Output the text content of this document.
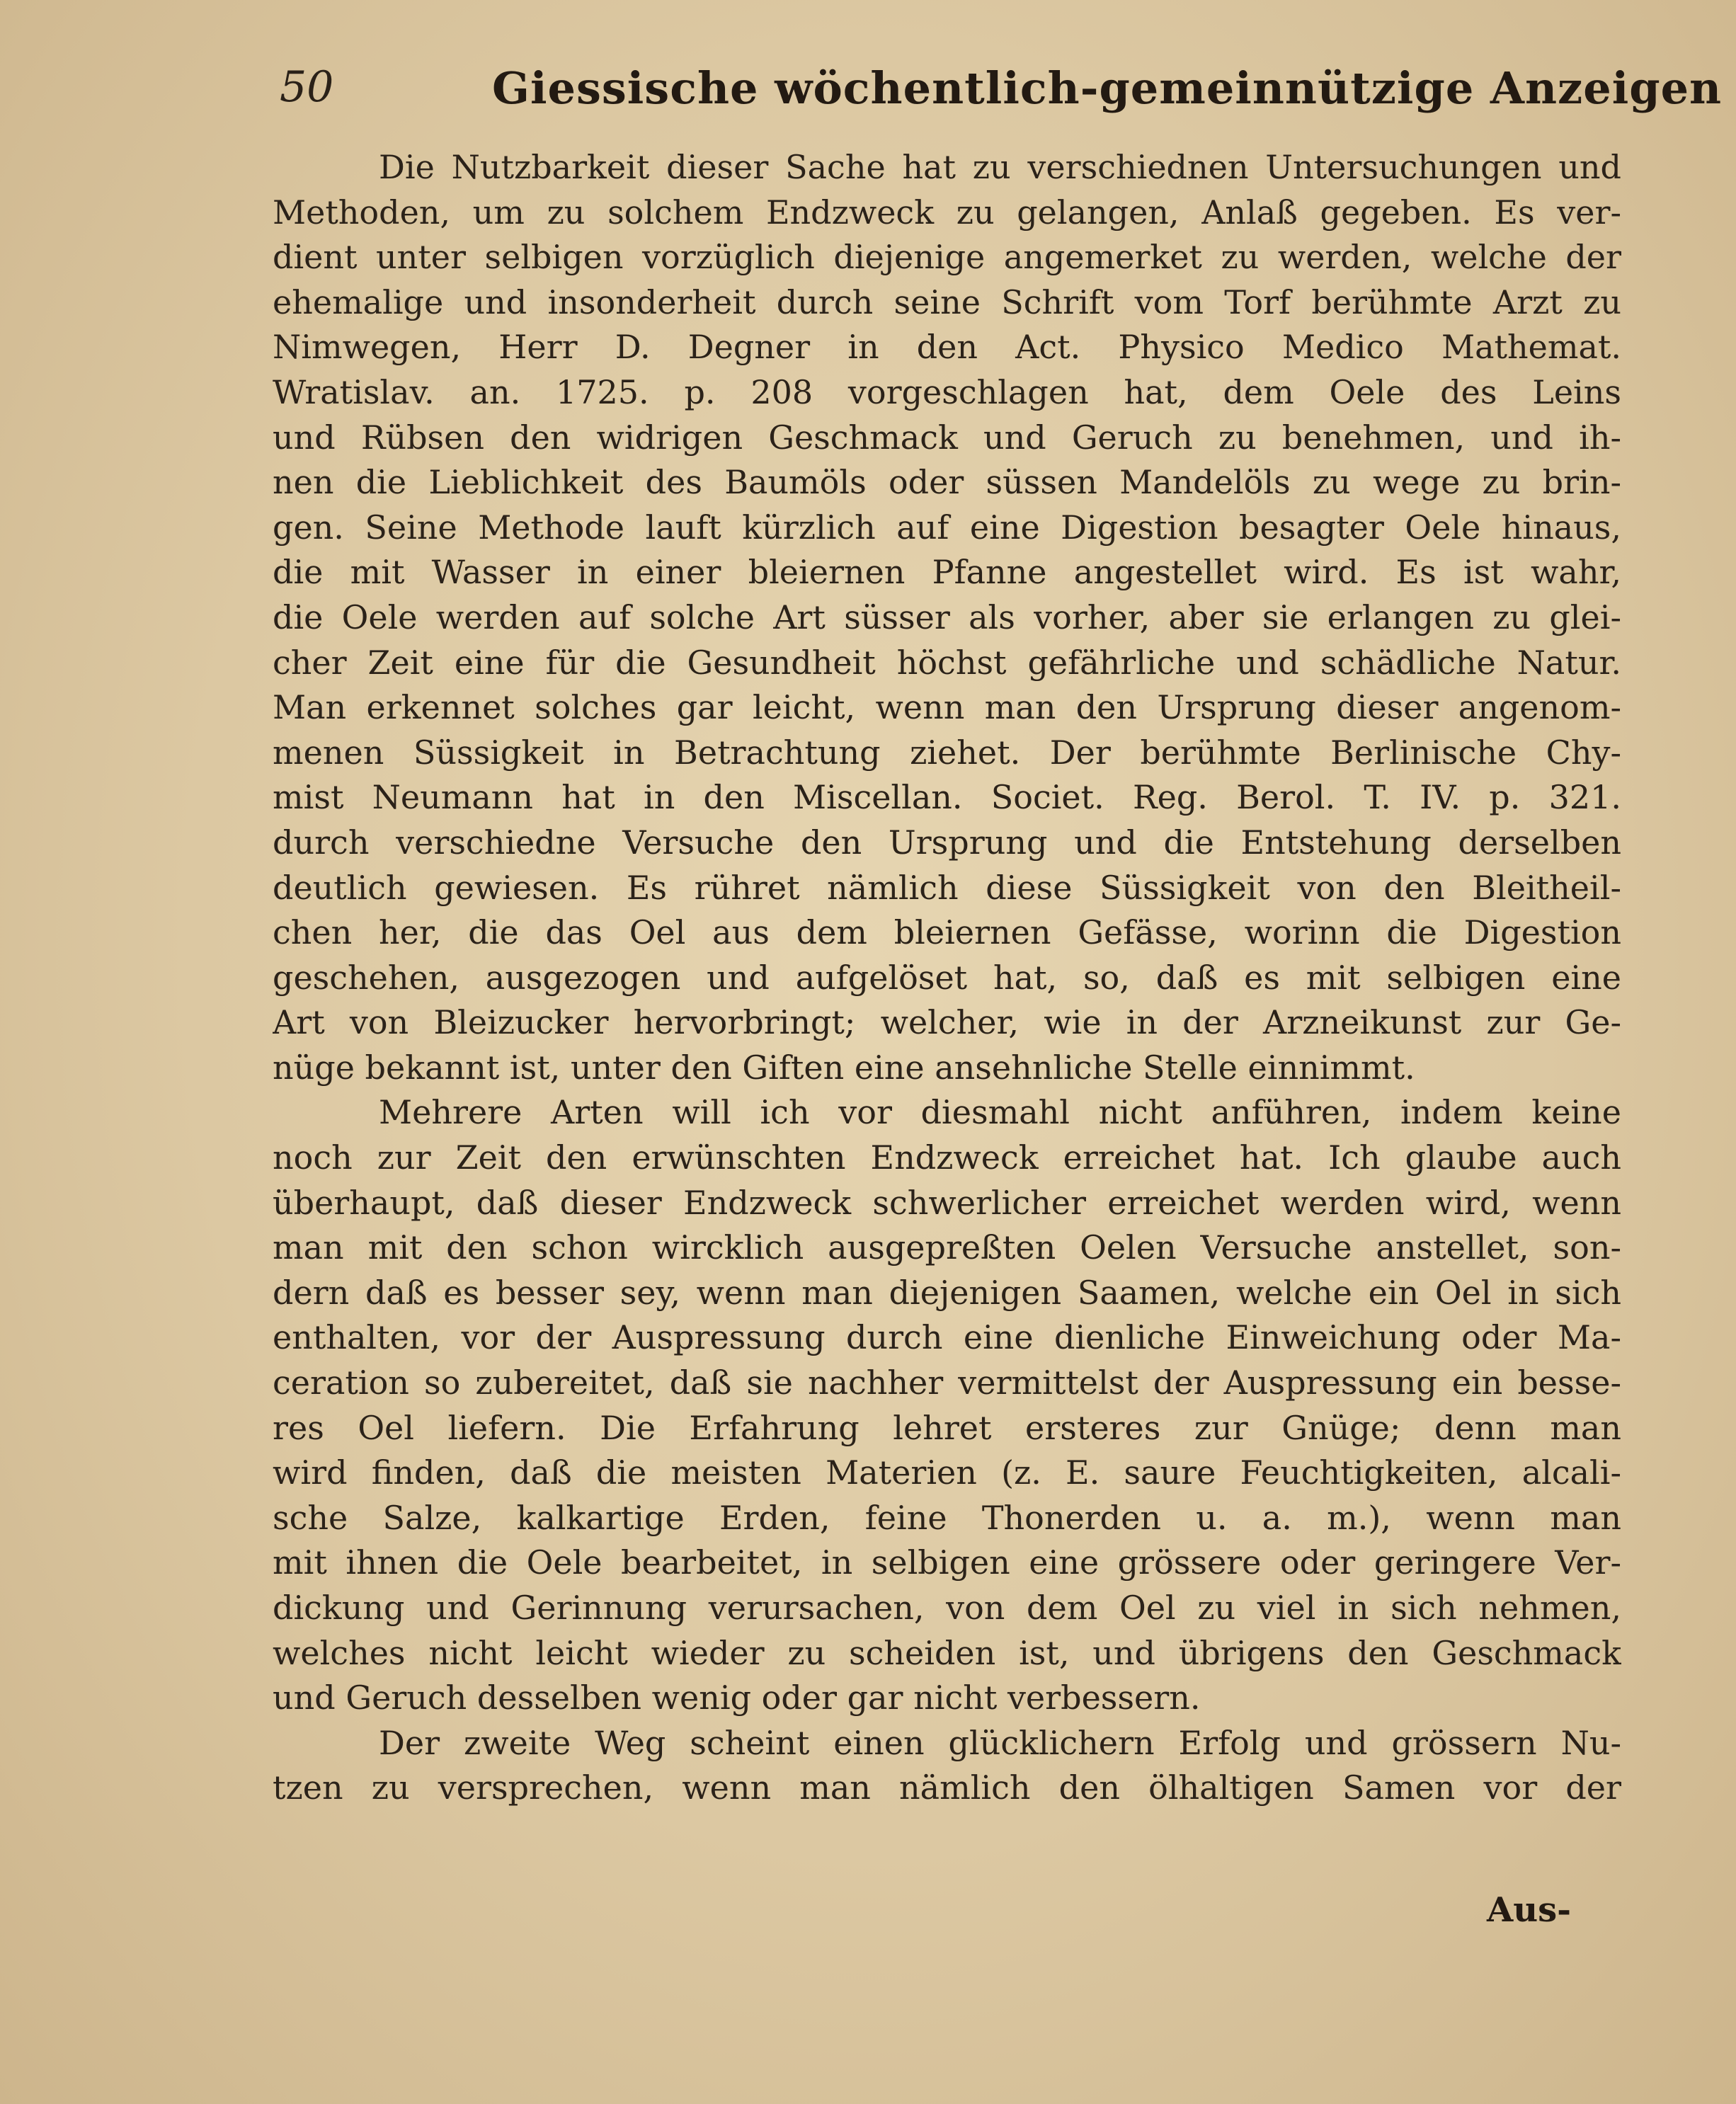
50	Giessische wöchentlich-gemeinnützige Anzeigen
Die Nutzbarkeit dieser Sache hat zu verschiednen Untersuchungen und
Methoden, um zu solchem Endzweck zu gelangen, Anlaß gegeben. Es ver-
dient unter selbigen vorzüglich diejenige angemerket zu werden, welche der
ehemalige und insonderheit durch seine Schrift vom Torf berühmte Arzt zu
Nimwegen, Herr D. Degner in den Act. Physico Medico Mathemat.
Wratislav. an. 1725. p. 208 vorgeschlagen hat, dem Oele des Leins
und Rübsen den widrigen Geschmack und Geruch zu benehmen, und ih-
nen die Lieblichkeit des Baumöls oder süssen Mandelöls zu wege zu brin-
gen. Seine Methode lauft kürzlich auf eine Digestion besagter Oele hinaus,
die mit Wasser in einer bleiernen Pfanne angestellet wird. Es ist wahr,
die Oele werden auf solche Art süsser als vorher, aber sie erlangen zu glei-
cher Zeit eine für die Gesundheit höchst gefährliche und schädliche Natur.
Man erkennet solches gar leicht, wenn man den Ursprung dieser angenom-
menen Süssigkeit in Betrachtung ziehet. Der berühmte Berlinische Chy-
mist Neumann hat in den Miscellan. Societ. Reg. Berol. T. IV. p. 321.
durch verschiedne Versuche den Ursprung und die Entstehung derselben
deutlich gewiesen. Es rühret nämlich diese Süssigkeit von den Bleitheil-
chen her, die das Oel aus dem bleiernen Gefässe, worinn die Digestion
geschehen, ausgezogen und aufgelöset hat, so, daß es mit selbigen eine
Art von Bleizucker hervorbringt; welcher, wie in der Arzneikunst zur Ge-
nüge bekannt ist, unter den Giften eine ansehnliche Stelle einnimmt.
Mehrere Arten will ich vor diesmahl nicht anführen, indem keine
noch zur Zeit den erwünschten Endzweck erreichet hat. Ich glaube auch
überhaupt, daß dieser Endzweck schwerlicher erreichet werden wird, wenn
man mit den schon wircklich ausgepreßten Oelen Versuche anstellet, son-
dern daß es besser sey, wenn man diejenigen Saamen, welche ein Oel in sich
enthalten, vor der Auspressung durch eine dienliche Einweichung oder Ma-
ceration so zubereitet, daß sie nachher vermittelst der Auspressung ein besse-
res Oel liefern. Die Erfahrung lehret ersteres zur Gnüge; denn man
wird finden, daß die meisten Materien (z. E. saure Feuchtigkeiten, alcali-
sche Salze, kalkartige Erden, feine Thonerden u. a. m.), wenn man
mit ihnen die Oele bearbeitet, in selbigen eine grössere oder geringere Ver-
dickung und Gerinnung verursachen, von dem Oel zu viel in sich nehmen,
welches nicht leicht wieder zu scheiden ist, und übrigens den Geschmack
und Geruch desselben wenig oder gar nicht verbessern.
Der zweite Weg scheint einen glücklichern Erfolg und grössern Nu-
tzen zu versprechen, wenn man nämlich den ölhaltigen Samen vor der
Aus-
